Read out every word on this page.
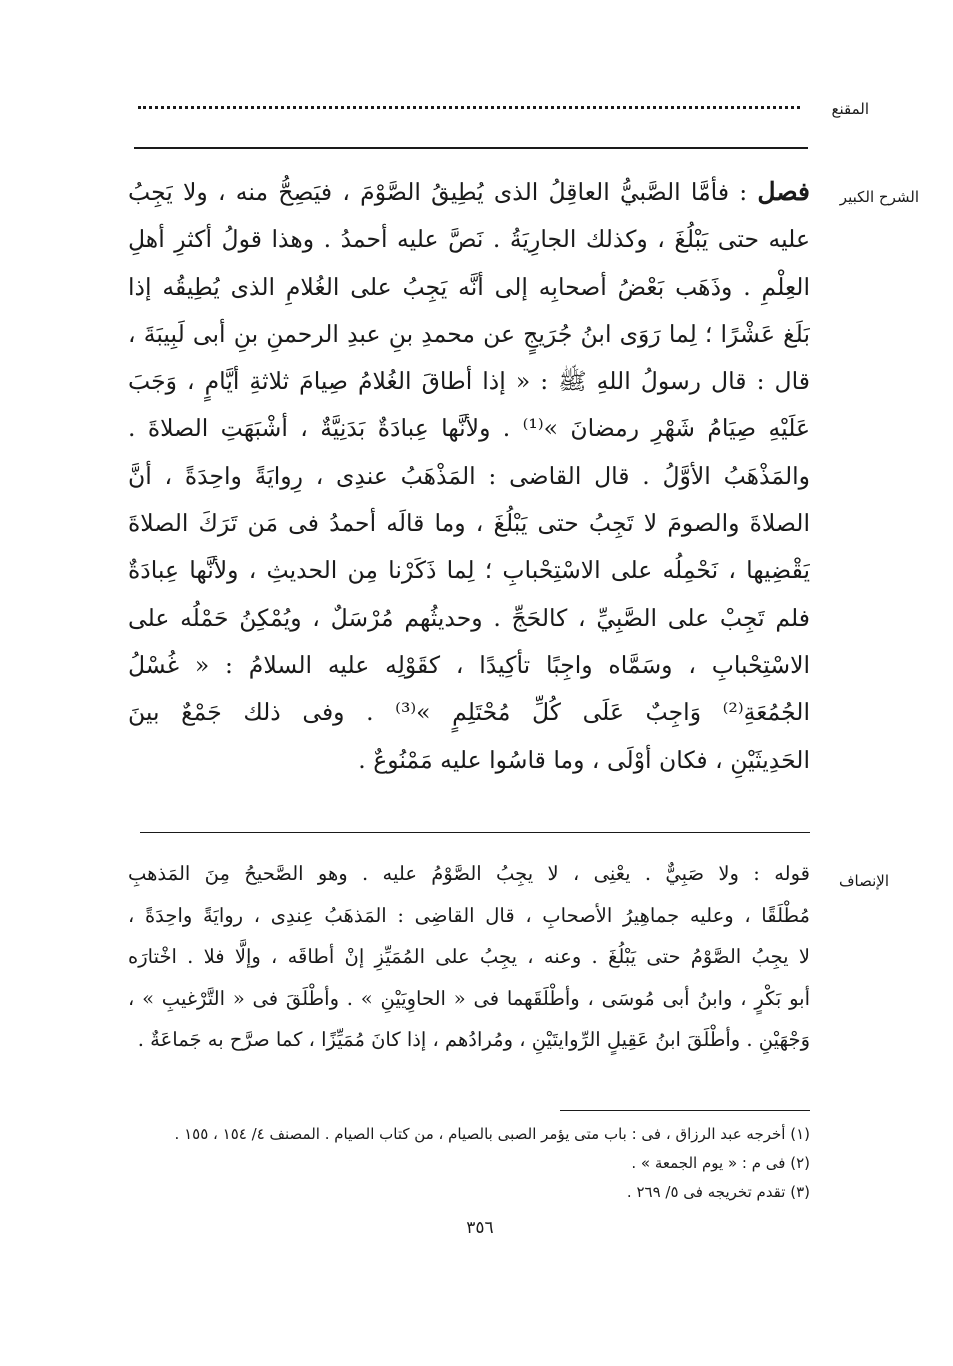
المقنع
الشرح الكبير
فصل : فأمَّا الصَّبيُّ العاقِلُ الذى يُطِيقُ الصَّوْمَ ، فيَصِحُّ منه ، ولا يَجِبُ
عليه حتى يَبْلُغَ ، وكذلك الجارِيَةُ . نَصَّ عليه أحمدُ . وهذا قولُ أكثرِ أهلِ
العِلْمِ . وذَهَب بَعْضُ أصحابِه إلى أنَّه يَجِبُ على الغُلامِ الذى يُطِيقُه إذا
بَلَغ عَشْرًا ؛ لِما رَوَى ابنُ جُرَيجٍ عن محمدِ بنِ عبدِ الرحمنِ بنِ أبى لَبِيبَةَ ،
قال : قال رسولُ اللهِ ﷺ : « إذا أطاقَ الغُلامُ صِيامَ ثلاثةِ أيَّامٍ ، وَجَبَ
عَلَيْهِ صِيَامُ شَهْرِ رمضانَ »⁽¹⁾ . ولأنَّها عِبادَةٌ بَدَنِيَّةٌ ، أشْبَهَتِ الصلاةَ .
والمَذْهَبُ الأوَّلُ . قال القاضى : المَذْهَبُ عندِى ، رِوايَةً واحِدَةً ، أنَّ
الصلاةَ والصومَ لا تَجِبُ حتى يَبْلُغَ ، وما قالَه أحمدُ فى مَن تَرَكَ الصلاةَ
يَقْضِيها ، نَحْمِلُه على الاسْتِحْبابِ ؛ لِما ذَكَرْنا مِن الحديثِ ، ولأنَّها عِبادَةٌ
فلم تَجِبْ على الصَّبِيِّ ، كالحَجِّ . وحديثُهم مُرْسَلٌ ، ويُمْكِنُ حَمْلُه على
الاسْتِحْبابِ ، وسَمَّاه واجِبًا تأكِيدًا ، كقَوْلِه عليه السلامُ : « غُسْلُ
الجُمُعَةِ⁽²⁾ وَاجِبٌ عَلَى كُلِّ مُحْتَلِمٍ »⁽³⁾ . وفى ذلك جَمْعٌ بينَ
الحَدِيثَيْنِ ، فكان أوْلَى ، وما قاسُوا عليه مَمْنُوعٌ .
الإنصاف
قوله : ولا صَبِيٌّ . يعْنِى ، لا يجِبُ الصَّوْمُ عليه . وهو الصَّحيحُ مِنَ المَذهبِ
مُطْلَقًا ، وعليه جماهِيرُ الأصحابِ ، قال القاضِى : المَذهَبُ عِندِى ، روايَةً واحِدَةً ،
لا يجِبُ الصَّوْمُ حتى يَبْلُغَ . وعنه ، يجِبُ على المُمَيِّزِ إنْ أطاقَه ، وإلَّا فلا . اخْتارَه
أبو بَكْرٍ ، وابنُ أبى مُوسَى ، وأطْلَقَهما فى « الحاوِيَيْنِ » . وأطْلَقَ فى « التَّرْغيبِ » ،
وَجْهَيْنِ . وأطْلَقَ ابنُ عَقِيلٍ الرِّوايتَيْنِ ، ومُرادُهم ، إذا كانَ مُمَيِّزًا ، كما صرَّح به جَماعَةٌ .
(١) أخرجه عبد الرزاق ، فى : باب متى يؤمر الصبى بالصيام ، من كتاب الصيام . المصنف ٤/ ١٥٤ ، ١٥٥ .
(٢) فى م : « يوم الجمعة » .
(٣) تقدم تخريجه فى ٥/ ٢٦٩ .
٣٥٦
